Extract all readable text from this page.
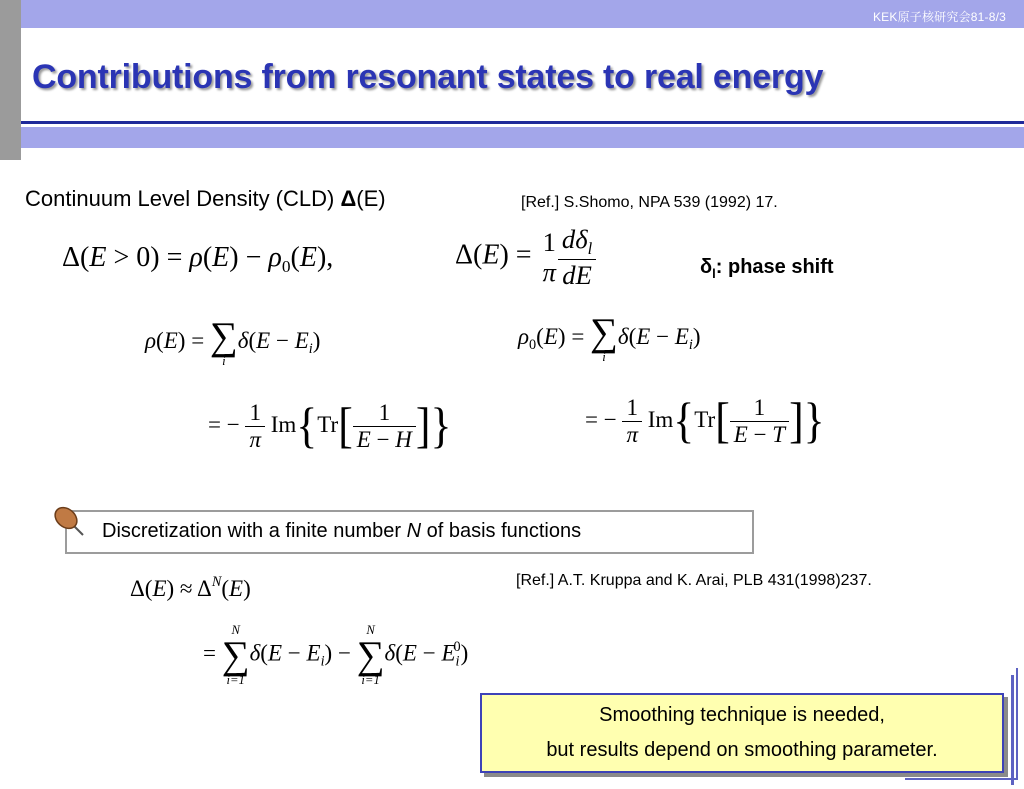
KEK原子核研究会81-8/3
Contributions from resonant states to real energy
Continuum Level Density (CLD) Δ(E)	[Ref.] S.Shomo, NPA 539 (1992) 17.
$\Delta(E > 0) = \rho(E) - \rho_0(E)$,	Δ(E) = 1
π $\frac{d\delta_l}{dE}$	$\delta_l$: phase shift
ρ(E) = ∑
i
$\delta(E - E_i)$
= − $\frac{1}{\pi} Im\{Tr[ \frac{1}{E - H}$ ]}
$\rho_0(E)$ = ∑
i
$\delta(E - E_i)$
= − $\frac{1}{\pi} Im\{Tr[ \frac{1}{E - T}$ ]}
Discretization with a finite number N of basis functions
$\Delta(E) \approx \Delta^N(E)$	[Ref.] A.T. Kruppa and K. Arai, PLB 431(1998)237.
=
N
∑
i=1
$\delta(E - E_i)$ −
N
∑
i=1
$\delta(E - E_i^0)$
Smoothing technique is needed,
but results depend on smoothing parameter.
